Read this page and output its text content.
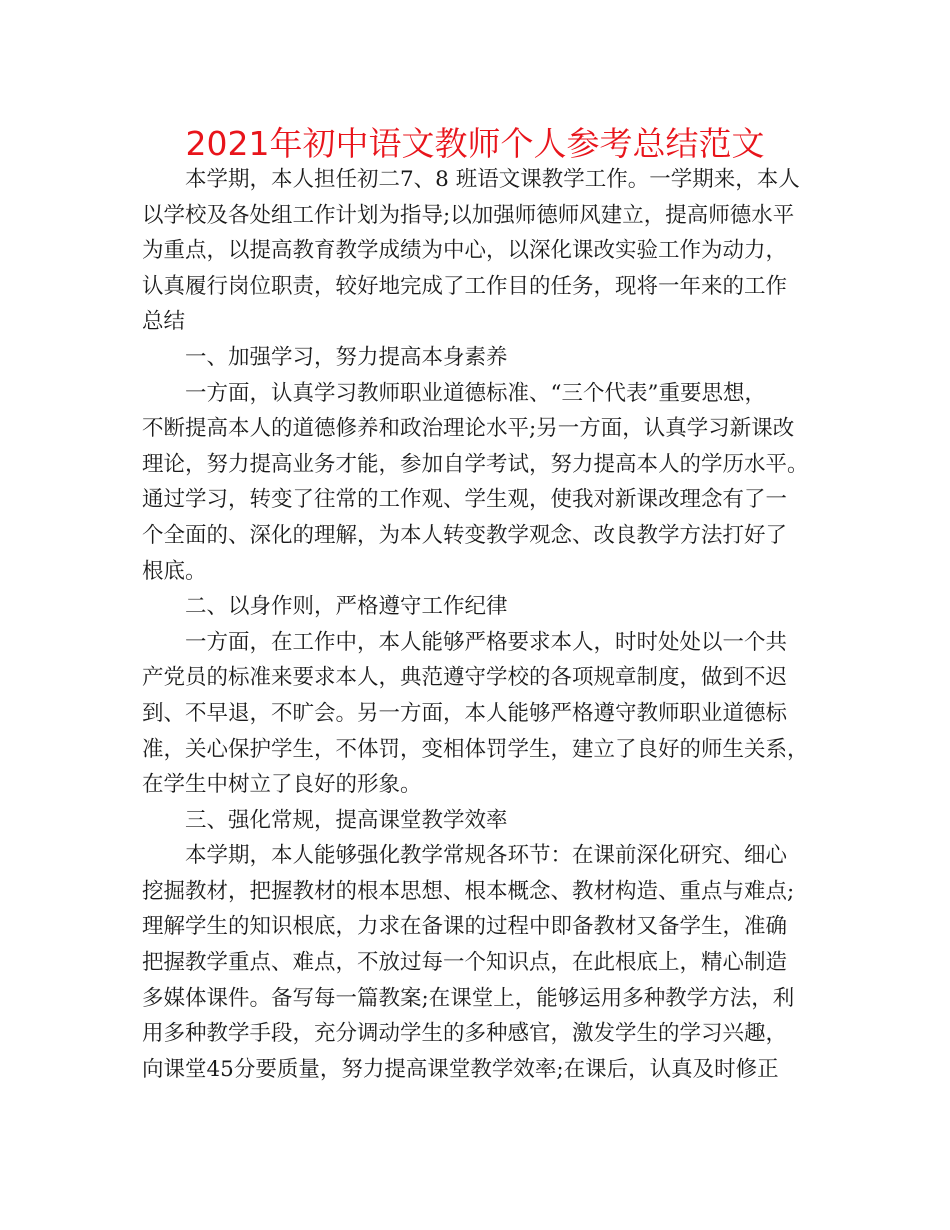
2021年初中语文教师个人参考总结范文
本学期，本人担任初二7、8 班语文课教学工作。一学期来，本人
以学校及各处组工作计划为指导;以加强师德师风建立，提高师德水平
为重点，以提高教育教学成绩为中心，以深化课改实验工作为动力，
认真履行岗位职责，较好地完成了工作目的任务，现将一年来的工作
总结
一、加强学习，努力提高本身素养
一方面，认真学习教师职业道德标准、“三个代表”重要思想，
不断提高本人的道德修养和政治理论水平;另一方面，认真学习新课改
理论，努力提高业务才能，参加自学考试，努力提高本人的学历水平。
通过学习，转变了往常的工作观、学生观，使我对新课改理念有了一
个全面的、深化的理解，为本人转变教学观念、改良教学方法打好了
根底。
二、以身作则，严格遵守工作纪律
一方面，在工作中，本人能够严格要求本人，时时处处以一个共
产党员的标准来要求本人，典范遵守学校的各项规章制度，做到不迟
到、不早退，不旷会。另一方面，本人能够严格遵守教师职业道德标
准，关心保护学生，不体罚，变相体罚学生，建立了良好的师生关系，
在学生中树立了良好的形象。
三、强化常规，提高课堂教学效率
本学期，本人能够强化教学常规各环节：在课前深化研究、细心
挖掘教材，把握教材的根本思想、根本概念、教材构造、重点与难点;
理解学生的知识根底，力求在备课的过程中即备教材又备学生，准确
把握教学重点、难点，不放过每一个知识点，在此根底上，精心制造
多媒体课件。备写每一篇教案;在课堂上，能够运用多种教学方法，利
用多种教学手段，充分调动学生的多种感官，激发学生的学习兴趣，
向课堂45分要质量，努力提高课堂教学效率;在课后，认真及时修正
